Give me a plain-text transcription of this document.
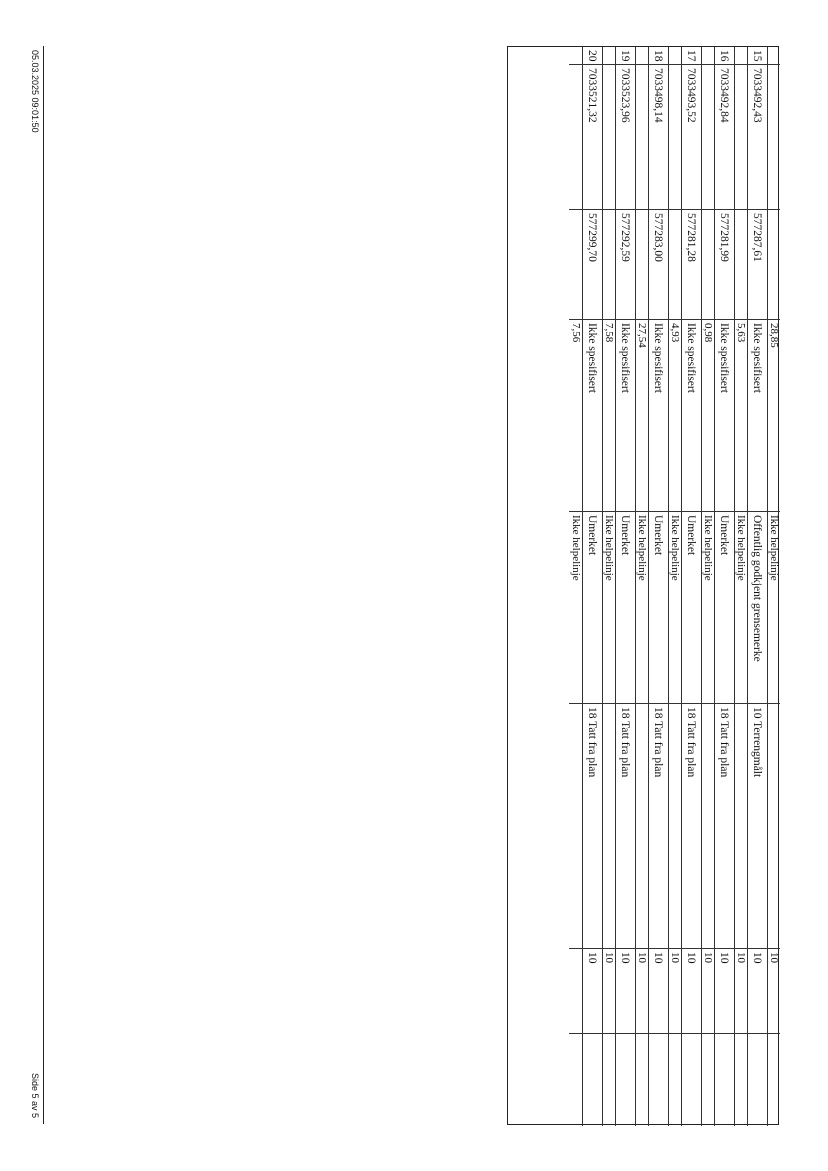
05.03.2025 09:01:50
Side 5 av 5
28,85
Ikke helpelinje
10
15
7033492,43
577287,61
Ikke spesifisert
Offentlig godkjent grensemerke
10 Terrengmålt
10
5,63
Ikke helpelinje
10
16
7033492,84
577281,99
Ikke spesifisert
Umerket
18 Tatt fra plan
10
0,98
Ikke helpelinje
10
17
7033493,52
577281,28
Ikke spesifisert
Umerket
18 Tatt fra plan
10
4,93
Ikke helpelinje
10
18
7033498,14
577283,00
Ikke spesifisert
Umerket
18 Tatt fra plan
10
27,54
Ikke helpelinje
10
19
7033523,96
577292,59
Ikke spesifisert
Umerket
18 Tatt fra plan
10
7,58
Ikke helpelinje
10
20
7033521,32
577299,70
Ikke spesifisert
Umerket
18 Tatt fra plan
10
7,56
Ikke helpelinje
